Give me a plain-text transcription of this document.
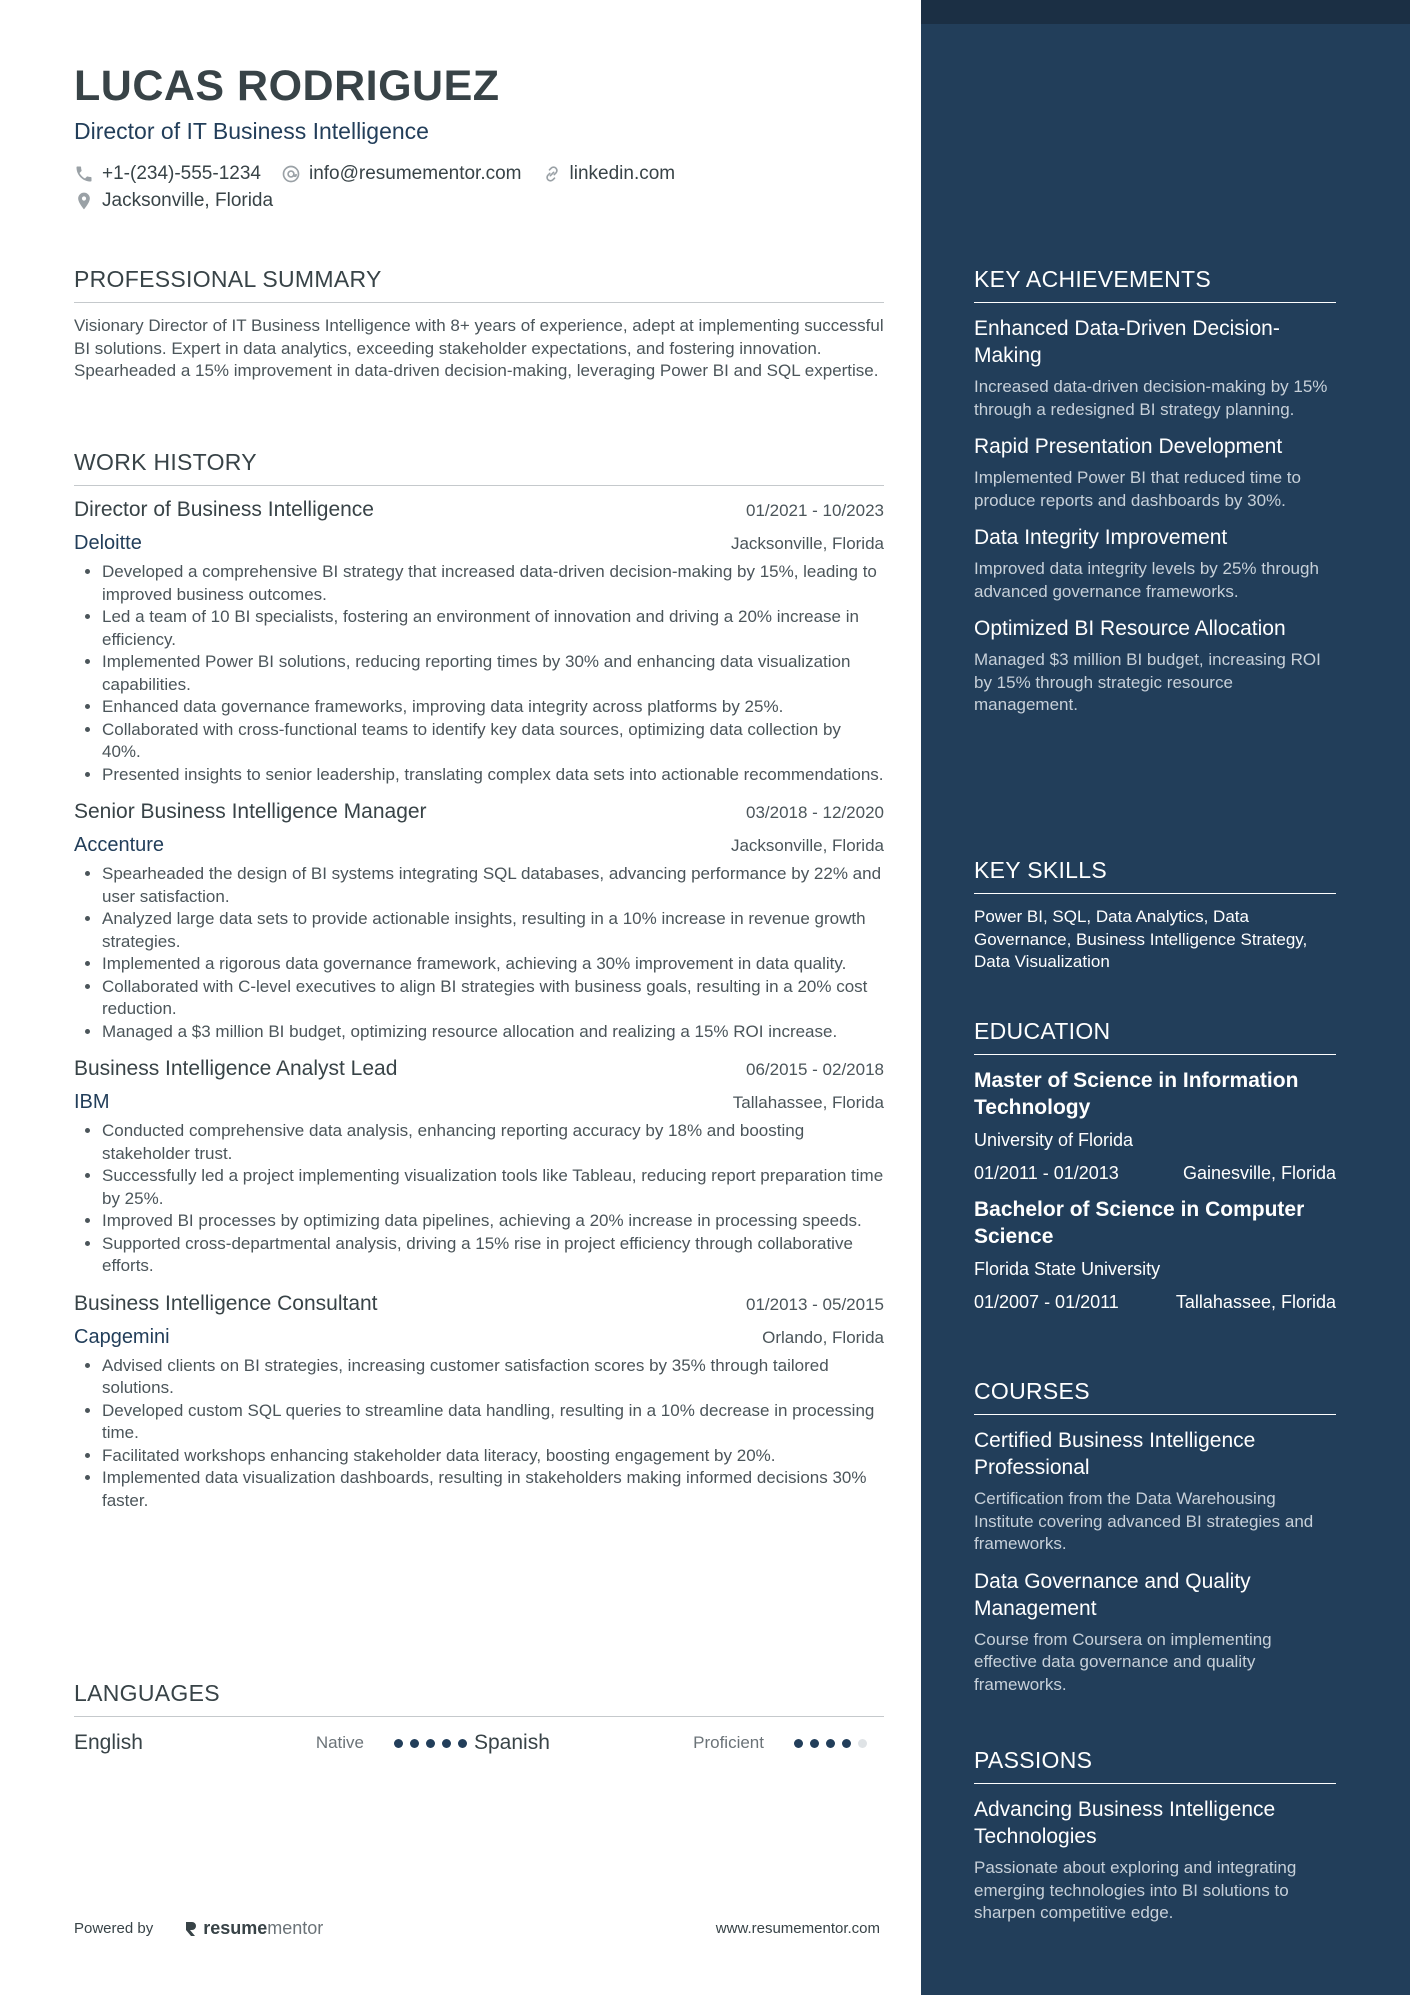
LUCAS RODRIGUEZ
Director of IT Business Intelligence
+1-(234)-555-1234	info@resumementor.com	linkedin.com
Jacksonville, Florida
PROFESSIONAL SUMMARY
Visionary Director of IT Business Intelligence with 8+ years of experience, adept at implementing successful BI solutions. Expert in data analytics, exceeding stakeholder expectations, and fostering innovation. Spearheaded a 15% improvement in data-driven decision-making, leveraging Power BI and SQL expertise.
WORK HISTORY
Director of Business Intelligence	01/2021 - 10/2023
Deloitte	Jacksonville, Florida
• Developed a comprehensive BI strategy that increased data-driven decision-making by 15%, leading to improved business outcomes.
• Led a team of 10 BI specialists, fostering an environment of innovation and driving a 20% increase in efficiency.
• Implemented Power BI solutions, reducing reporting times by 30% and enhancing data visualization capabilities.
• Enhanced data governance frameworks, improving data integrity across platforms by 25%.
• Collaborated with cross-functional teams to identify key data sources, optimizing data collection by 40%.
• Presented insights to senior leadership, translating complex data sets into actionable recommendations.
Senior Business Intelligence Manager	03/2018 - 12/2020
Accenture	Jacksonville, Florida
• Spearheaded the design of BI systems integrating SQL databases, advancing performance by 22% and user satisfaction.
• Analyzed large data sets to provide actionable insights, resulting in a 10% increase in revenue growth strategies.
• Implemented a rigorous data governance framework, achieving a 30% improvement in data quality.
• Collaborated with C-level executives to align BI strategies with business goals, resulting in a 20% cost reduction.
• Managed a $3 million BI budget, optimizing resource allocation and realizing a 15% ROI increase.
Business Intelligence Analyst Lead	06/2015 - 02/2018
IBM	Tallahassee, Florida
• Conducted comprehensive data analysis, enhancing reporting accuracy by 18% and boosting stakeholder trust.
• Successfully led a project implementing visualization tools like Tableau, reducing report preparation time by 25%.
• Improved BI processes by optimizing data pipelines, achieving a 20% increase in processing speeds.
• Supported cross-departmental analysis, driving a 15% rise in project efficiency through collaborative efforts.
Business Intelligence Consultant	01/2013 - 05/2015
Capgemini	Orlando, Florida
• Advised clients on BI strategies, increasing customer satisfaction scores by 35% through tailored solutions.
• Developed custom SQL queries to streamline data handling, resulting in a 10% decrease in processing time.
• Facilitated workshops enhancing stakeholder data literacy, boosting engagement by 20%.
• Implemented data visualization dashboards, resulting in stakeholders making informed decisions 30% faster.
LANGUAGES
English	Native	Spanish	Proficient
Powered by	resume mentor	www.resumementor.com
KEY ACHIEVEMENTS
Enhanced Data-Driven Decision-Making
Increased data-driven decision-making by 15% through a redesigned BI strategy planning.
Rapid Presentation Development
Implemented Power BI that reduced time to produce reports and dashboards by 30%.
Data Integrity Improvement
Improved data integrity levels by 25% through advanced governance frameworks.
Optimized BI Resource Allocation
Managed $3 million BI budget, increasing ROI by 15% through strategic resource management.
KEY SKILLS
Power BI, SQL, Data Analytics, Data Governance, Business Intelligence Strategy, Data Visualization
EDUCATION
Master of Science in Information Technology
University of Florida
01/2011 - 01/2013	Gainesville, Florida
Bachelor of Science in Computer Science
Florida State University
01/2007 - 01/2011	Tallahassee, Florida
COURSES
Certified Business Intelligence Professional
Certification from the Data Warehousing Institute covering advanced BI strategies and frameworks.
Data Governance and Quality Management
Course from Coursera on implementing effective data governance and quality frameworks.
PASSIONS
Advancing Business Intelligence Technologies
Passionate about exploring and integrating emerging technologies into BI solutions to sharpen competitive edge.
